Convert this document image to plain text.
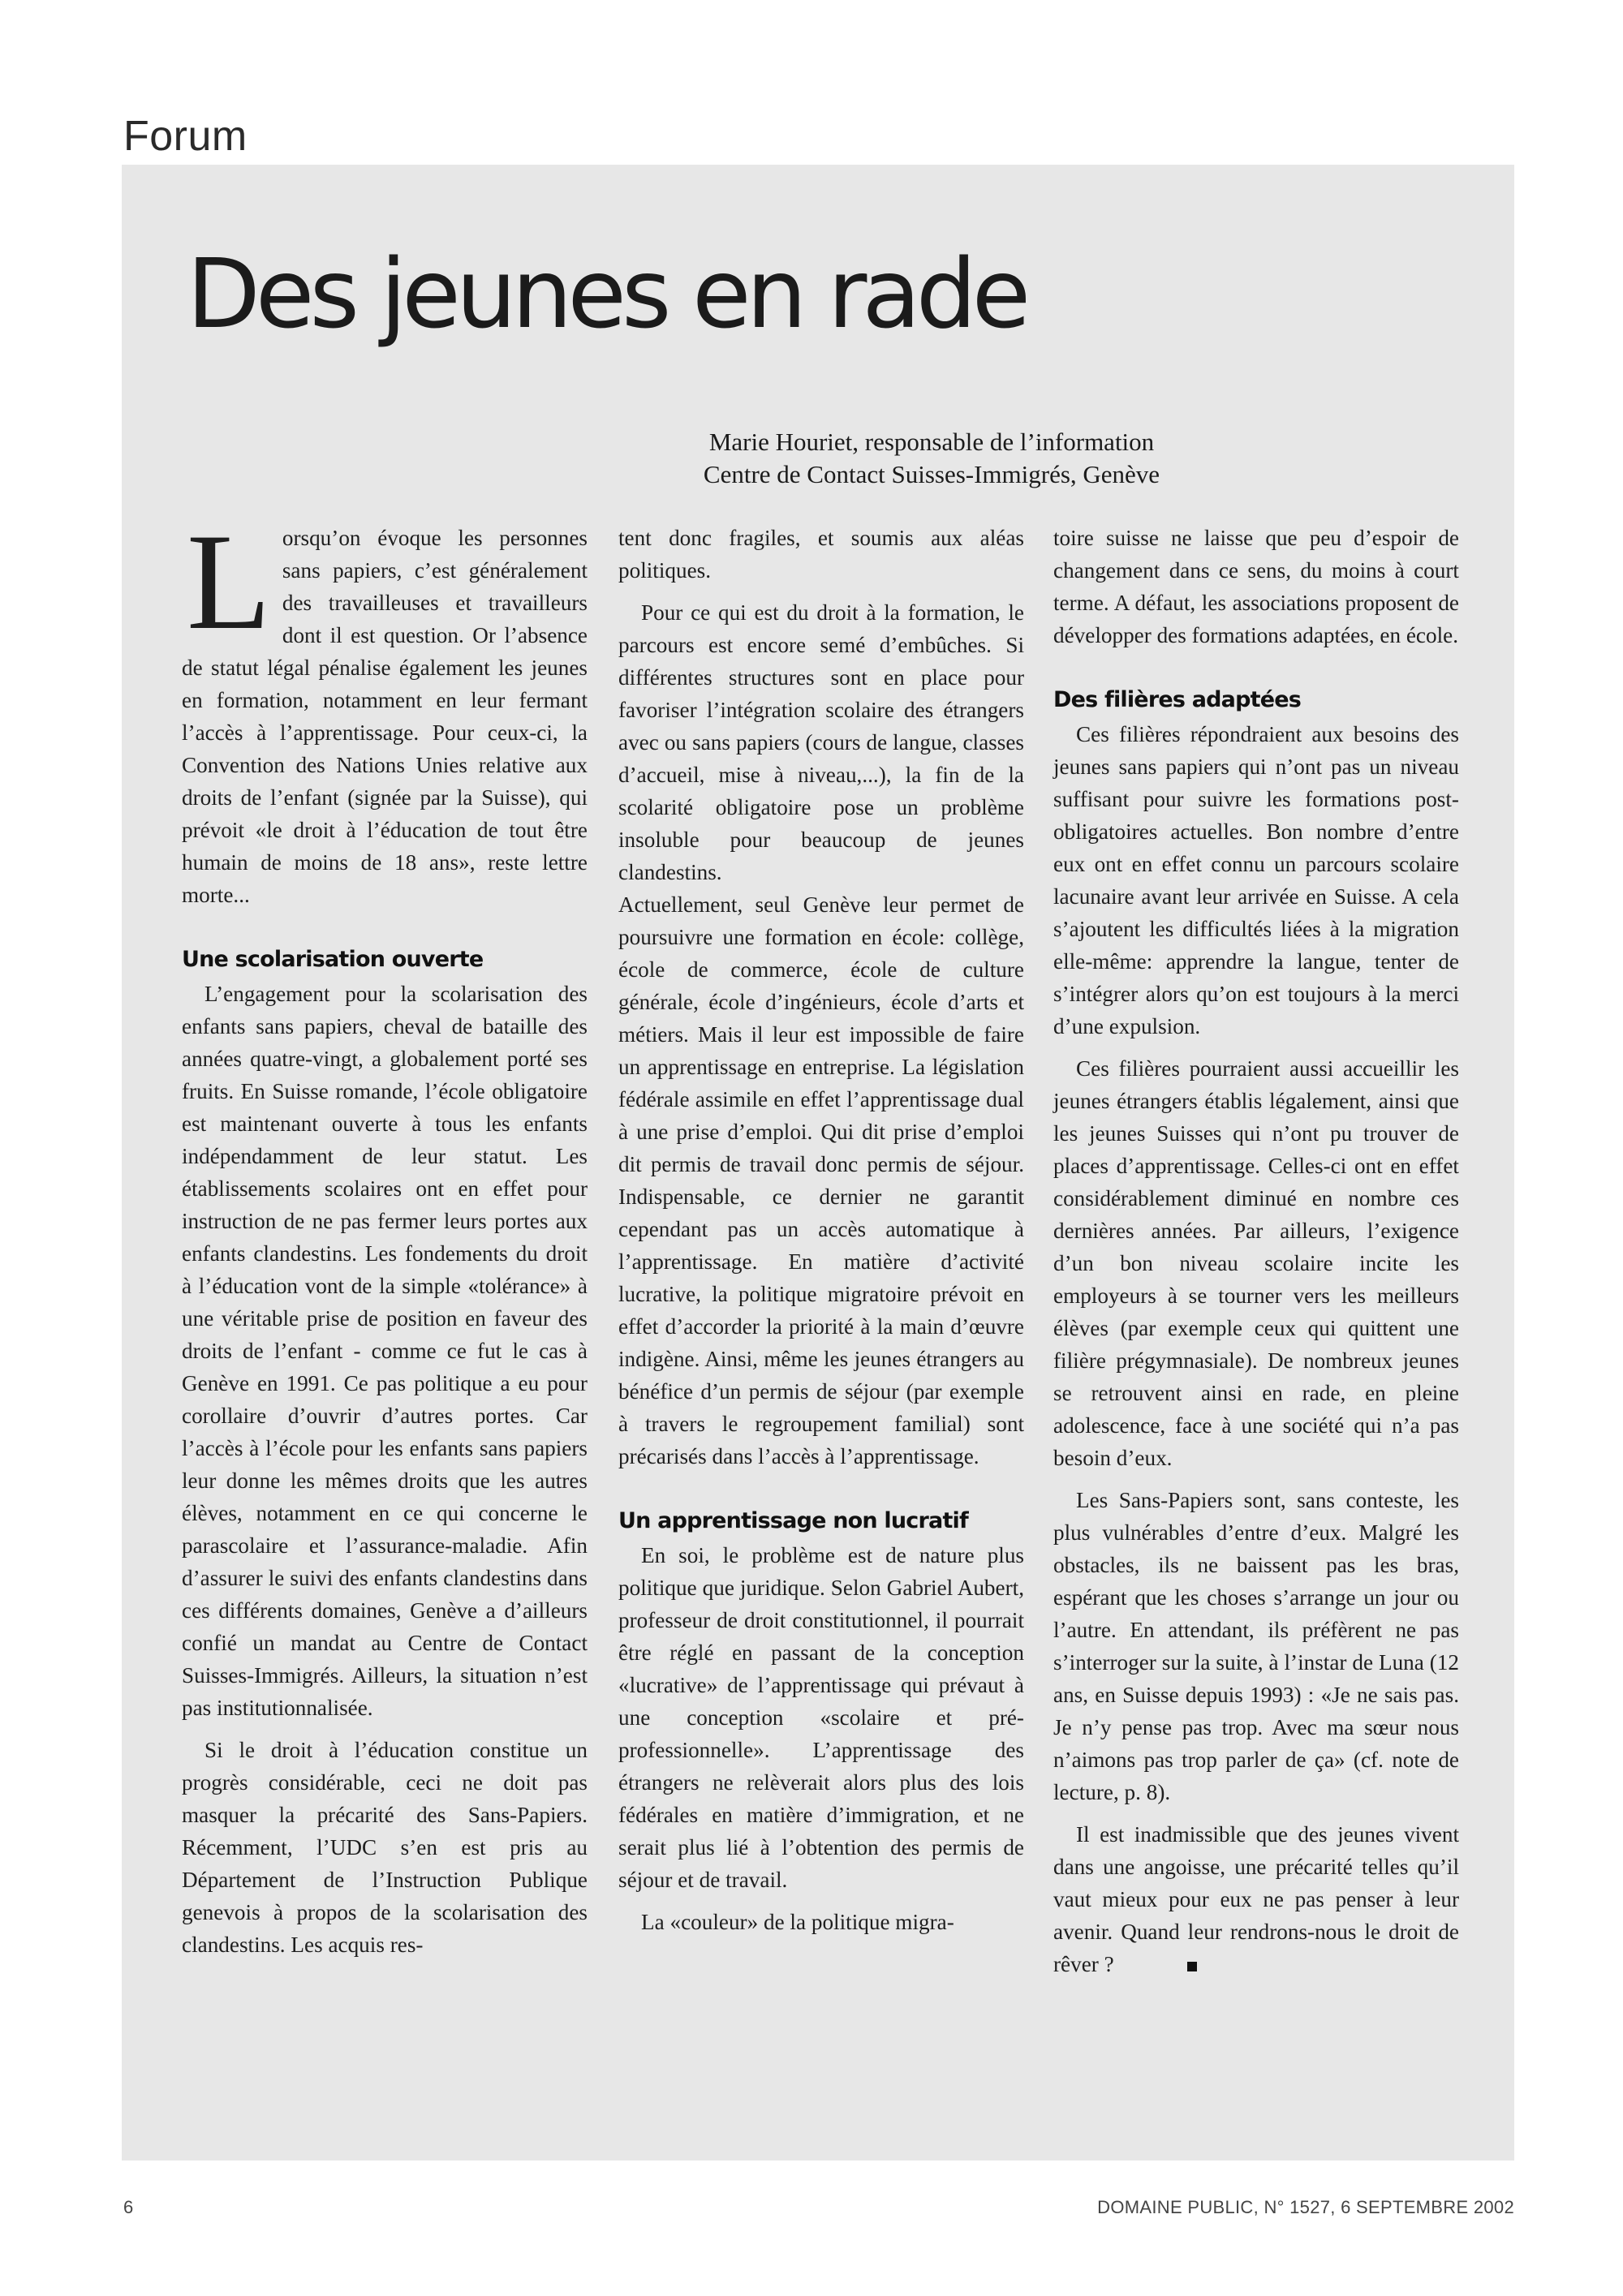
Forum
Des jeunes en rade
Marie Houriet, responsable de l’information
Centre de Contact Suisses-Immigrés, Genève

Lorsqu’on évoque les personnes sans papiers, c’est généralement des travailleuses et travailleurs dont il est question. Or l’absence de statut légal pénalise également les jeunes en formation, notamment en leur fermant l’accès à l’apprentissage. Pour ceux-ci, la Convention des Nations Unies relative aux droits de l’enfant (signée par la Suisse), qui prévoit «le droit à l’éducation de tout être humain de moins de 18 ans», reste lettre morte...

Une scolarisation ouverte

L’engagement pour la scolarisation des enfants sans papiers, cheval de bataille des années quatre-vingt, a globalement porté ses fruits. En Suisse romande, l’école obligatoire est maintenant ouverte à tous les enfants indépendamment de leur statut. Les établissements scolaires ont en effet pour instruction de ne pas fermer leurs portes aux enfants clandestins. Les fondements du droit à l’éducation vont de la simple «tolérance» à une véritable prise de position en faveur des droits de l’enfant - comme ce fut le cas à Genève en 1991. Ce pas politique a eu pour corollaire d’ouvrir d’autres portes. Car l’accès à l’école pour les enfants sans papiers leur donne les mêmes droits que les autres élèves, notamment en ce qui concerne le parascolaire et l’assurance-maladie. Afin d’assurer le suivi des enfants clandestins dans ces différents domaines, Genève a d’ailleurs confié un mandat au Centre de Contact Suisses-Immigrés. Ailleurs, la situation n’est pas institutionnalisée.

Si le droit à l’éducation constitue un progrès considérable, ceci ne doit pas masquer la précarité des Sans-Papiers. Récemment, l’UDC s’en est pris au Département de l’Instruction Publique genevois à propos de la scolarisation des clandestins. Les acquis res-

tent donc fragiles, et soumis aux aléas politiques.

Pour ce qui est du droit à la formation, le parcours est encore semé d’embûches. Si différentes structures sont en place pour favoriser l’intégration scolaire des étrangers avec ou sans papiers (cours de langue, classes d’accueil, mise à niveau,...), la fin de la scolarité obligatoire pose un problème insoluble pour beaucoup de jeunes clandestins.

Actuellement, seul Genève leur permet de poursuivre une formation en école: collège, école de commerce, école de culture générale, école d’ingénieurs, école d’arts et métiers. Mais il leur est impossible de faire un apprentissage en entreprise. La législation fédérale assimile en effet l’apprentissage dual à une prise d’emploi. Qui dit prise d’emploi dit permis de travail donc permis de séjour. Indispensable, ce dernier ne garantit cependant pas un accès automatique à l’apprentissage. En matière d’activité lucrative, la politique migratoire prévoit en effet d’accorder la priorité à la main d’œuvre indigène. Ainsi, même les jeunes étrangers au bénéfice d’un permis de séjour (par exemple à travers le regroupement familial) sont précarisés dans l’accès à l’apprentissage.

Un apprentissage non lucratif

En soi, le problème est de nature plus politique que juridique. Selon Gabriel Aubert, professeur de droit constitutionnel, il pourrait être réglé en passant de la conception «lucrative» de l’apprentissage qui prévaut à une conception «scolaire et pré-professionnelle». L’apprentissage des étrangers ne relèverait alors plus des lois fédérales en matière d’immigration, et ne serait plus lié à l’obtention des permis de séjour et de travail.

La «couleur» de la politique migra-

toire suisse ne laisse que peu d’espoir de changement dans ce sens, du moins à court terme. A défaut, les associations proposent de développer des formations adaptées, en école.

Des filières adaptées

Ces filières répondraient aux besoins des jeunes sans papiers qui n’ont pas un niveau suffisant pour suivre les formations post-obligatoires actuelles. Bon nombre d’entre eux ont en effet connu un parcours scolaire lacunaire avant leur arrivée en Suisse. A cela s’ajoutent les difficultés liées à la migration elle-même: apprendre la langue, tenter de s’intégrer alors qu’on est toujours à la merci d’une expulsion.

Ces filières pourraient aussi accueillir les jeunes étrangers établis légalement, ainsi que les jeunes Suisses qui n’ont pu trouver de places d’apprentissage. Celles-ci ont en effet considérablement diminué en nombre ces dernières années. Par ailleurs, l’exigence d’un bon niveau scolaire incite les employeurs à se tourner vers les meilleurs élèves (par exemple ceux qui quittent une filière prégymnasiale). De nombreux jeunes se retrouvent ainsi en rade, en pleine adolescence, face à une société qui n’a pas besoin d’eux.

Les Sans-Papiers sont, sans conteste, les plus vulnérables d’entre d’eux. Malgré les obstacles, ils ne baissent pas les bras, espérant que les choses s’arrange un jour ou l’autre. En attendant, ils préfèrent ne pas s’interroger sur la suite, à l’instar de Luna (12 ans, en Suisse depuis 1993) : «Je ne sais pas. Je n’y pense pas trop. Avec ma sœur nous n’aimons pas trop parler de ça» (cf. note de lecture, p. 8).

Il est inadmissible que des jeunes vivent dans une angoisse, une précarité telles qu’il vaut mieux pour eux ne pas penser à leur avenir. Quand leur rendrons-nous le droit de rêver ?

6	DOMAINE PUBLIC, N° 1527, 6 SEPTEMBRE 2002
